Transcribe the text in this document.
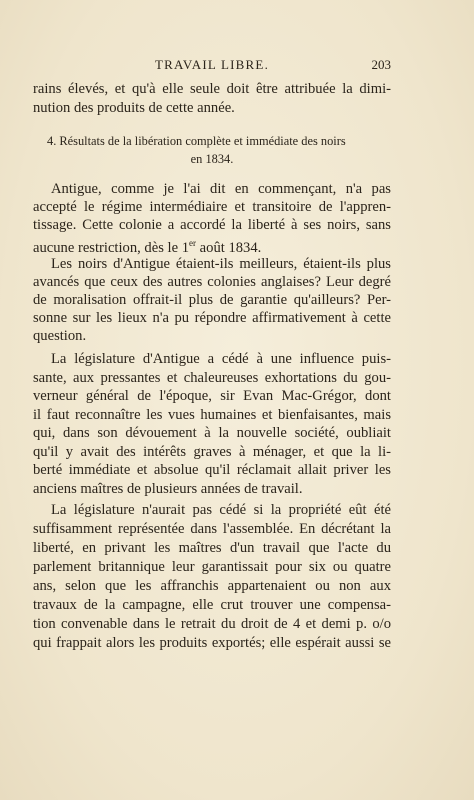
TRAVAIL LIBRE.	203
rains élevés, et qu'à elle seule doit être attribuée la dimi-
nution des produits de cette année.
4. Résultats de la libération complète et immédiate des noirs
en 1834.
Antigue, comme je l'ai dit en commençant, n'a pas
accepté le régime intermédiaire et transitoire de l'appren-
tissage. Cette colonie a accordé la liberté à ses noirs, sans
aucune restriction, dès le 1er août 1834.
Les noirs d'Antigue étaient-ils meilleurs, étaient-ils plus
avancés que ceux des autres colonies anglaises? Leur degré
de moralisation offrait-il plus de garantie qu'ailleurs? Per-
sonne sur les lieux n'a pu répondre affirmativement à cette
question.
La législature d'Antigue a cédé à une influence puis-
sante, aux pressantes et chaleureuses exhortations du gou-
verneur général de l'époque, sir Evan Mac-Grégor, dont
il faut reconnaître les vues humaines et bienfaisantes, mais
qui, dans son dévouement à la nouvelle société, oubliait
qu'il y avait des intérêts graves à ménager, et que la li-
berté immédiate et absolue qu'il réclamait allait priver les
anciens maîtres de plusieurs années de travail.
La législature n'aurait pas cédé si la propriété eût été
suffisamment représentée dans l'assemblée. En décrétant la
liberté, en privant les maîtres d'un travail que l'acte du
parlement britannique leur garantissait pour six ou quatre
ans, selon que les affranchis appartenaient ou non aux
travaux de la campagne, elle crut trouver une compensa-
tion convenable dans le retrait du droit de 4 et demi p. o/o
qui frappait alors les produits exportés; elle espérait aussi se
